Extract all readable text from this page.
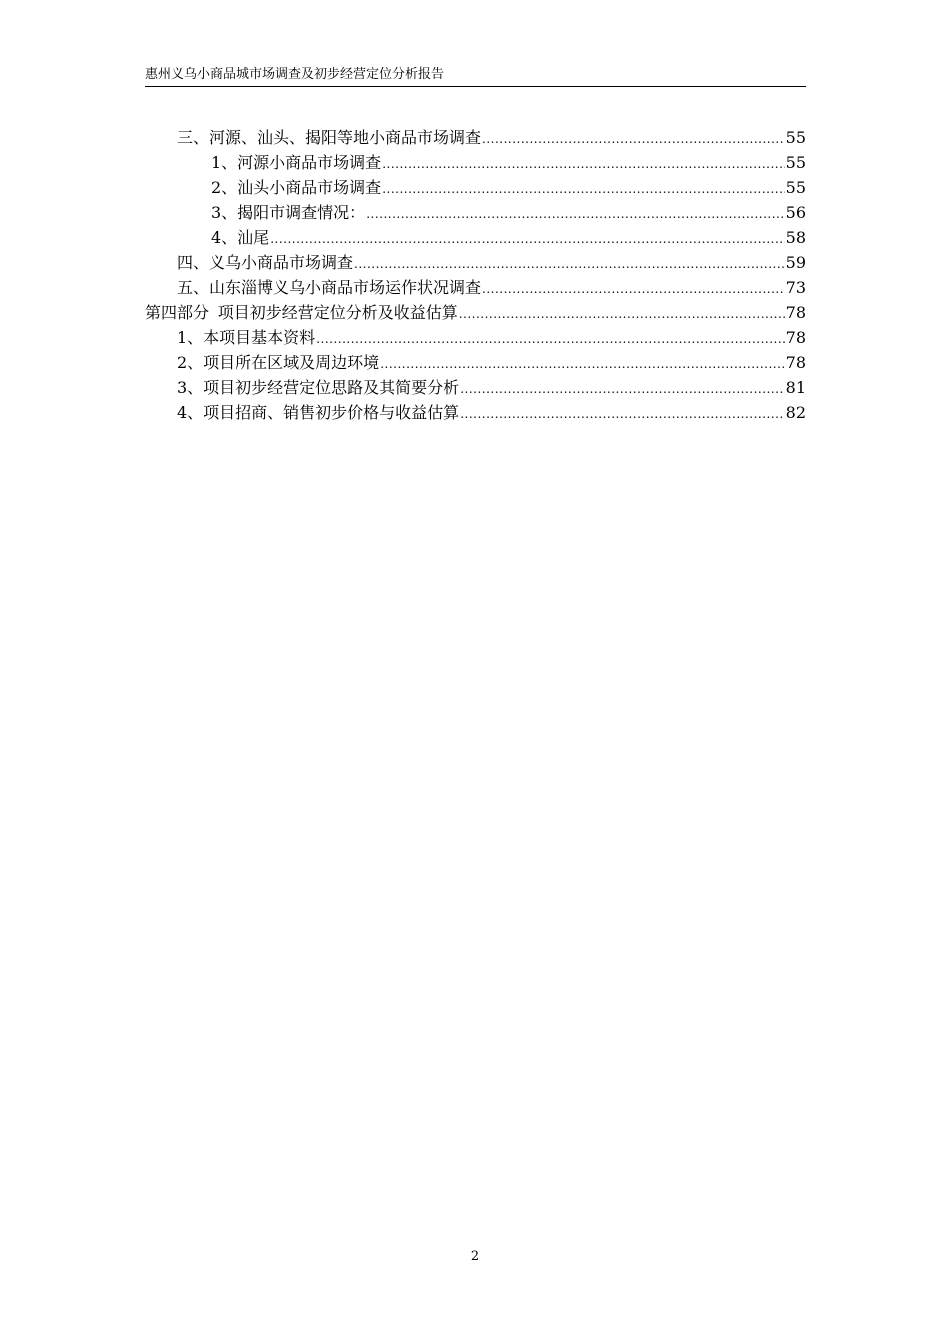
惠州义乌小商品城市场调查及初步经营定位分析报告
三、河源、汕头、揭阳等地小商品市场调查 .....	55
1、河源小商品市场调查 .....	55
2、汕头小商品市场调查 .....	55
3、揭阳市调查情况： .....	56
4、汕尾 .....	58
四、义乌小商品市场调查 .....	59
五、山东淄博义乌小商品市场运作状况调查 .....	73
第四部分 项目初步经营定位分析及收益估算 .....	78
1、本项目基本资料 .....	78
2、项目所在区域及周边环境 .....	78
3、项目初步经营定位思路及其简要分析 .....	81
4、项目招商、销售初步价格与收益估算 .....	82
2
